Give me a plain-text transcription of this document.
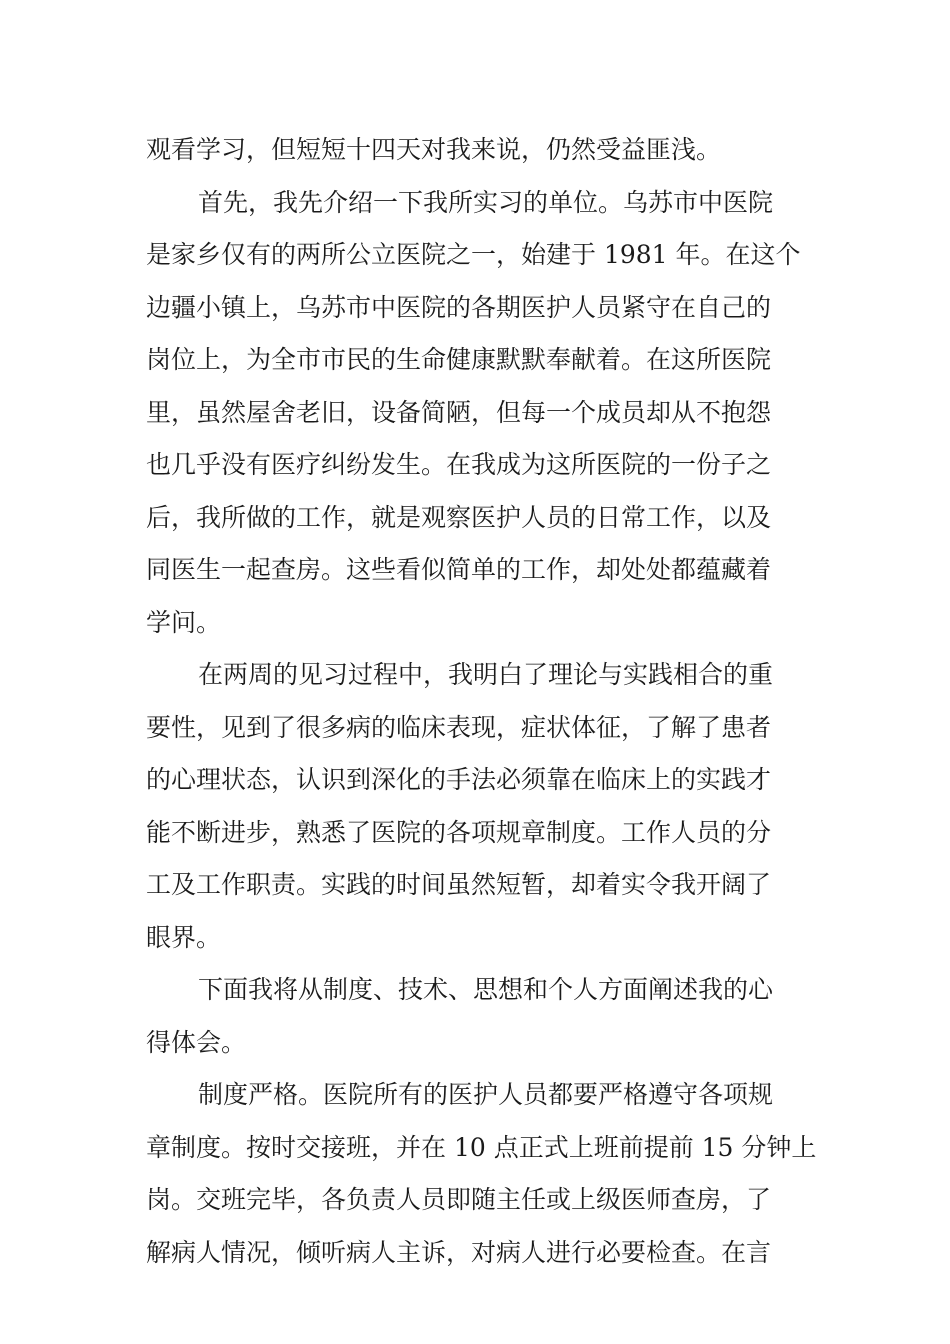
观看学习，但短短十四天对我来说，仍然受益匪浅。
首先，我先介绍一下我所实习的单位。乌苏市中医院
是家乡仅有的两所公立医院之一，始建于 1981 年。在这个
边疆小镇上，乌苏市中医院的各期医护人员紧守在自己的
岗位上，为全市市民的生命健康默默奉献着。在这所医院
里，虽然屋舍老旧，设备简陋，但每一个成员却从不抱怨
也几乎没有医疗纠纷发生。在我成为这所医院的一份子之
后，我所做的工作，就是观察医护人员的日常工作，以及
同医生一起查房。这些看似简单的工作，却处处都蕴藏着
学问。
在两周的见习过程中，我明白了理论与实践相合的重
要性，见到了很多病的临床表现，症状体征，了解了患者
的心理状态，认识到深化的手法必须靠在临床上的实践才
能不断进步，熟悉了医院的各项规章制度。工作人员的分
工及工作职责。实践的时间虽然短暂，却着实令我开阔了
眼界。
下面我将从制度、技术、思想和个人方面阐述我的心
得体会。
制度严格。医院所有的医护人员都要严格遵守各项规
章制度。按时交接班，并在 10 点正式上班前提前 15 分钟上
岗。交班完毕，各负责人员即随主任或上级医师查房，了
解病人情况，倾听病人主诉，对病人进行必要检查。在言
